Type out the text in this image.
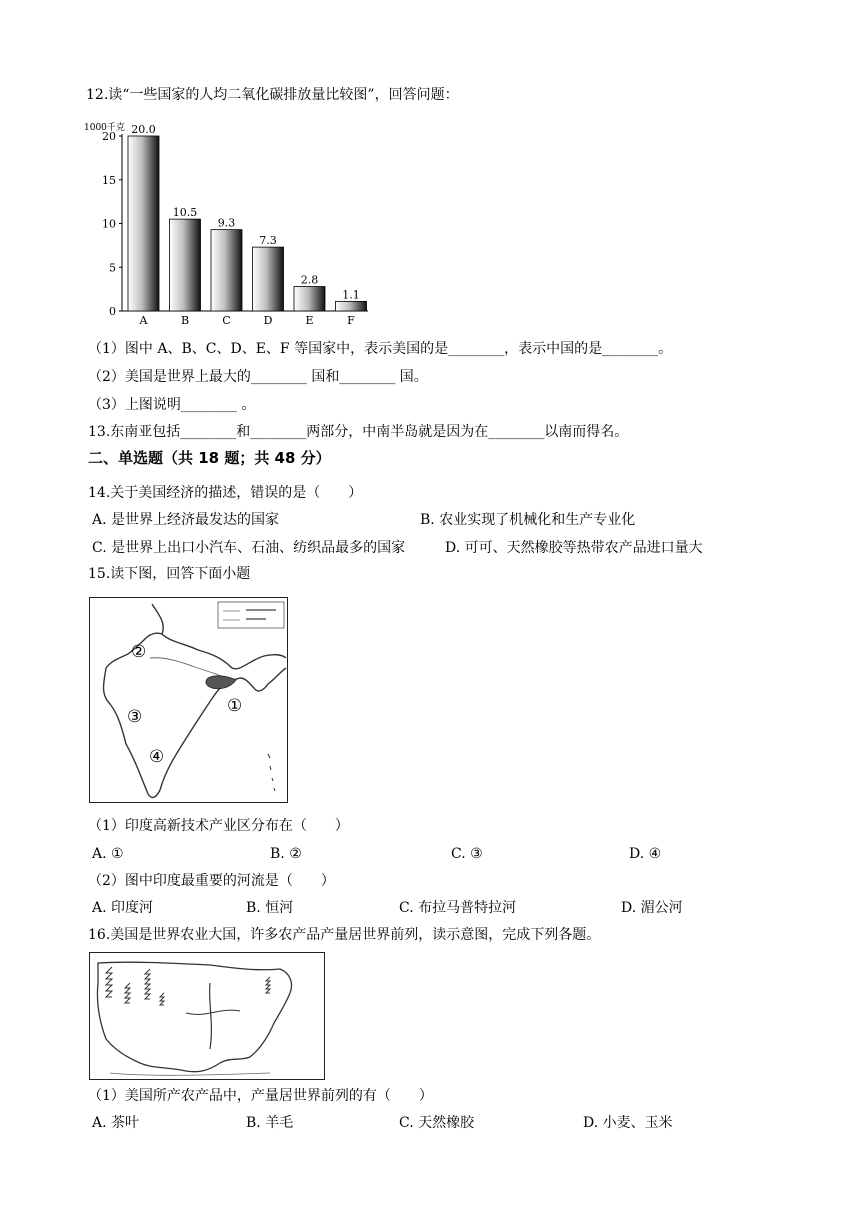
12.读“一些国家的人均二氧化碳排放量比较图”，回答问题：
1000千克
0
5
10
15
20
20.0
A
10.5
B
9.3
C
7.3
D
2.8
E
1.1
F
（1）图中 A、B、C、D、E、F 等国家中，表示美国的是________，表示中国的是________。
（2）美国是世界上最大的________ 国和________ 国。
（3）上图说明________ 。
13.东南亚包括________和________两部分，中南半岛就是因为在________以南而得名。
二、单选题（共 18 题；共 48 分）
14.关于美国经济的描述，错误的是（　　）
A. 是世界上经济最发达的国家	B. 农业实现了机械化和生产专业化
C. 是世界上出口小汽车、石油、纺织品最多的国家	D. 可可、天然橡胶等热带农产品进口量大
15.读下图，回答下面小题
②
①
③
④
（1）印度高新技术产业区分布在（　　）
A. ①	B. ②	C. ③	D. ④
（2）图中印度最重要的河流是（　　）
A. 印度河	B. 恒河	C. 布拉马普特拉河	D. 湄公河
16.美国是世界农业大国，许多农产品产量居世界前列，读示意图，完成下列各题。
（1）美国所产农产品中，产量居世界前列的有（　　）
A. 茶叶	B. 羊毛	C. 天然橡胶	D. 小麦、玉米
